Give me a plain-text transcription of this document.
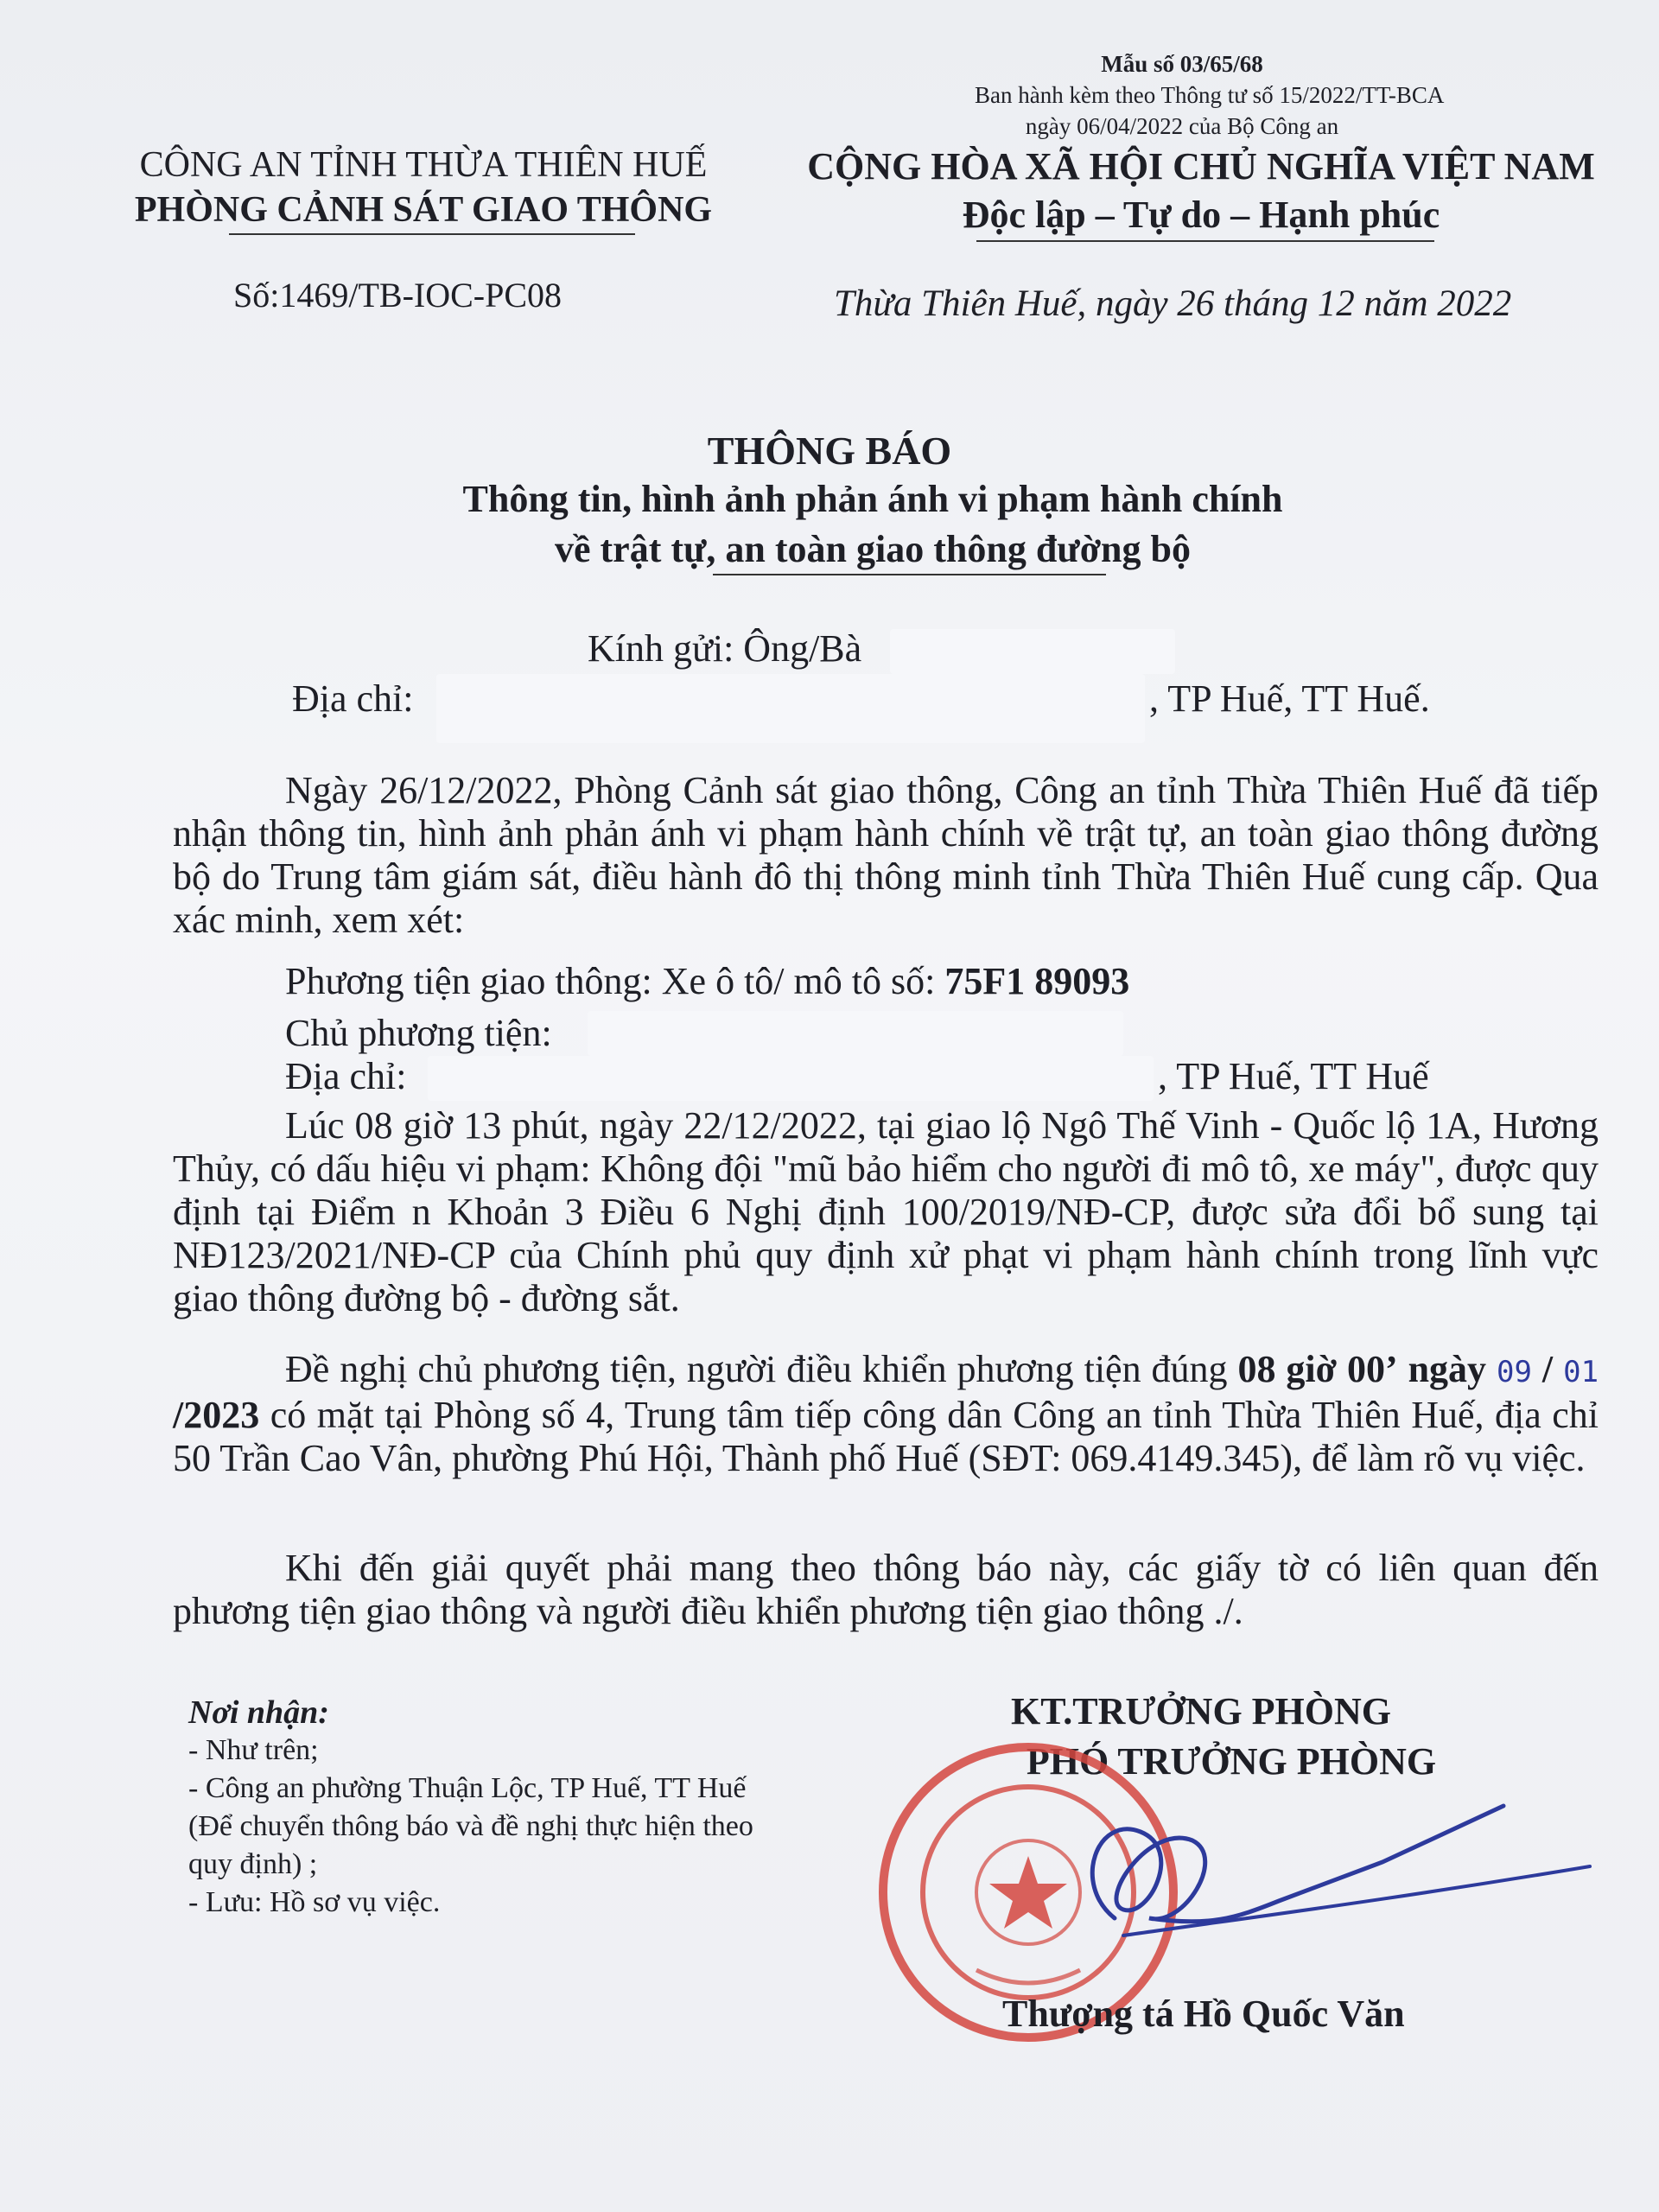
Mẫu số 03/65/68
Ban hành kèm theo Thông tư số 15/2022/TT-BCA
ngày 06/04/2022 của Bộ Công an
CÔNG AN TỈNH THỪA THIÊN HUẾ
PHÒNG CẢNH SÁT GIAO THÔNG
CỘNG HÒA XÃ HỘI CHỦ NGHĨA VIỆT NAM
Độc lập – Tự do – Hạnh phúc
Số:1469/TB-IOC-PC08	Thừa Thiên Huế, ngày 26 tháng 12 năm 2022
THÔNG BÁO
Thông tin, hình ảnh phản ánh vi phạm hành chính
về trật tự, an toàn giao thông đường bộ
Kính gửi: Ông/Bà
Địa chỉ:	, TP Huế, TT Huế.

Ngày 26/12/2022, Phòng Cảnh sát giao thông, Công an tỉnh Thừa Thiên Huế đã tiếp nhận thông tin, hình ảnh phản ánh vi phạm hành chính về trật tự, an toàn giao thông đường bộ do Trung tâm giám sát, điều hành đô thị thông minh tỉnh Thừa Thiên Huế cung cấp. Qua xác minh, xem xét:

Phương tiện giao thông: Xe ô tô/ mô tô số: 75F1 89093
Chủ phương tiện:
Địa chỉ:	, TP Huế, TT Huế

Lúc 08 giờ 13 phút, ngày 22/12/2022, tại giao lộ Ngô Thế Vinh - Quốc lộ 1A, Hương Thủy, có dấu hiệu vi phạm: Không đội "mũ bảo hiểm cho người đi mô tô, xe máy", được quy định tại Điểm n Khoản 3 Điều 6 Nghị định 100/2019/NĐ-CP, được sửa đổi bổ sung tại NĐ123/2021/NĐ-CP của Chính phủ quy định xử phạt vi phạm hành chính trong lĩnh vực giao thông đường bộ - đường sắt.

Đề nghị chủ phương tiện, người điều khiển phương tiện đúng 08 giờ 00’ ngày 09 / 01 /2023 có mặt tại Phòng số 4, Trung tâm tiếp công dân Công an tỉnh Thừa Thiên Huế, địa chỉ 50 Trần Cao Vân, phường Phú Hội, Thành phố Huế (SĐT: 069.4149.345), để làm rõ vụ việc.

Khi đến giải quyết phải mang theo thông báo này, các giấy tờ có liên quan đến phương tiện giao thông và người điều khiển phương tiện giao thông ./.

Nơi nhận:
- Như trên;
- Công an phường Thuận Lộc, TP Huế, TT Huế
(Để chuyển thông báo và đề nghị thực hiện theo
quy định) ;
- Lưu: Hồ sơ vụ việc.
KT.TRƯỞNG PHÒNG
PHÓ TRƯỞNG PHÒNG
Thượng tá Hồ Quốc Văn
